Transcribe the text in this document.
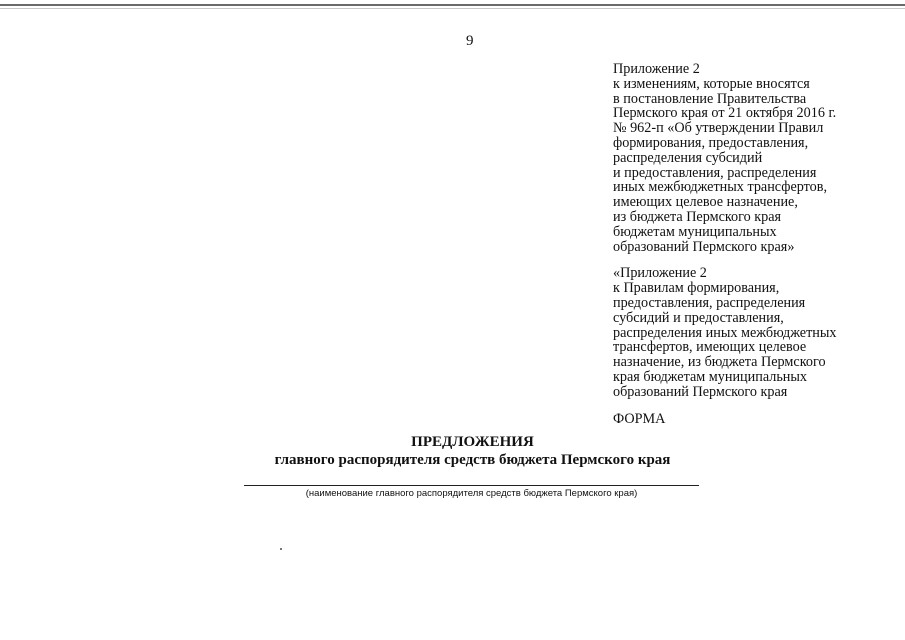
9
Приложение 2
к изменениям, которые вносятся
в постановление Правительства
Пермского края от 21 октября 2016 г.
№ 962-п «Об утверждении Правил
формирования, предоставления,
распределения субсидий
и предоставления, распределения
иных межбюджетных трансфертов,
имеющих целевое назначение,
из бюджета Пермского края
бюджетам муниципальных
образований Пермского края»
«Приложение 2
к Правилам формирования,
предоставления, распределения
субсидий и предоставления,
распределения иных межбюджетных
трансфертов, имеющих целевое
назначение, из бюджета Пермского
края бюджетам муниципальных
образований Пермского края
ФОРМА
ПРЕДЛОЖЕНИЯ
главного распорядителя средств бюджета Пермского края
(наименование главного распорядителя средств бюджета Пермского края)
